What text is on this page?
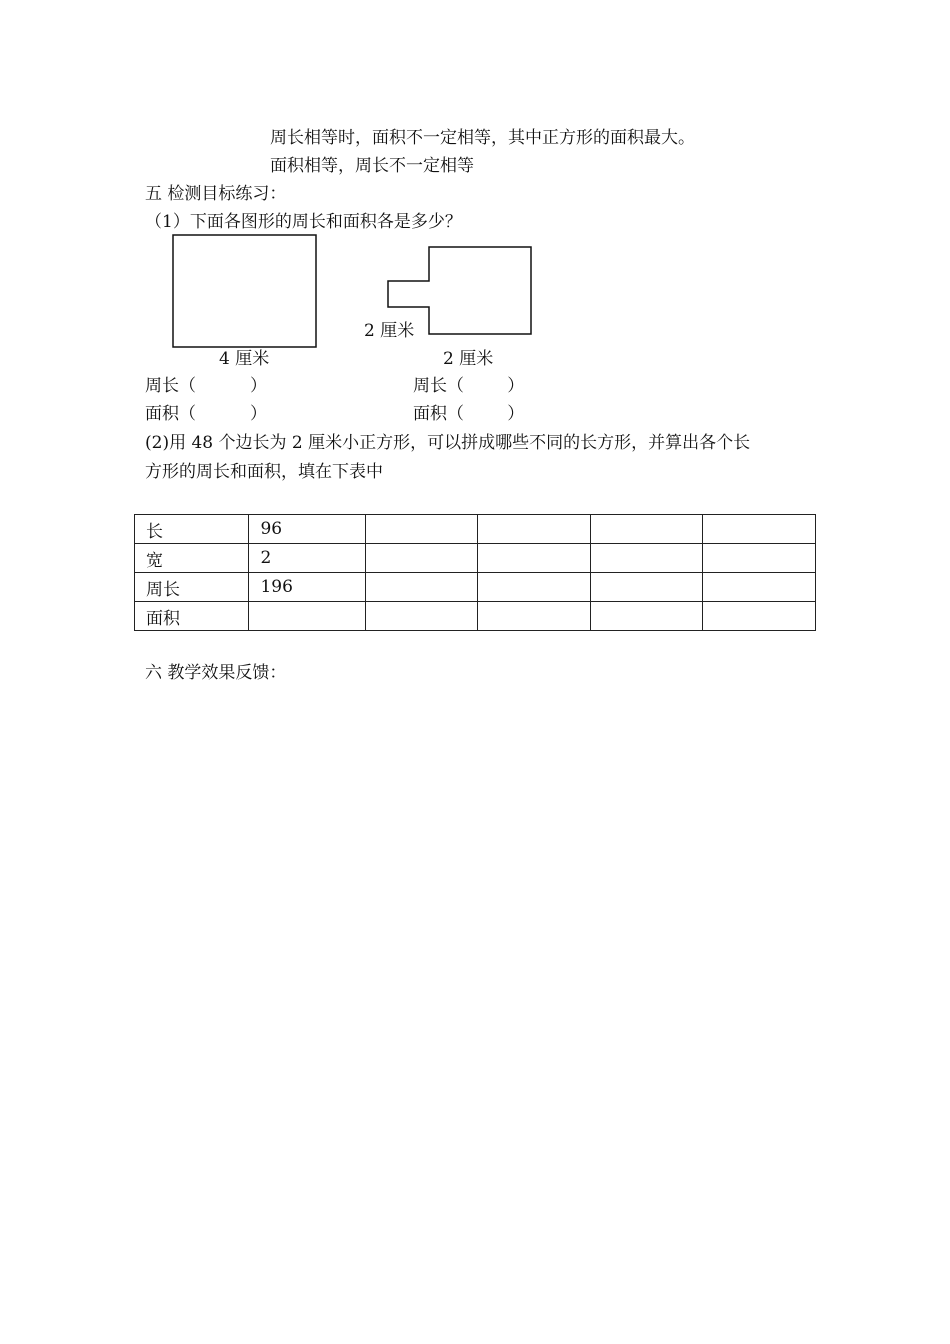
周长相等时，面积不一定相等，其中正方形的面积最大。
面积相等，周长不一定相等
五 检测目标练习：
（1）下面各图形的周长和面积各是多少？
4 厘米
2 厘米
2 厘米
周长（          ）	周长（        ）
面积（          ）	面积（        ）
(2)用 48 个边长为 2 厘米小正方形，可以拼成哪些不同的长方形，并算出各个长
方形的周长和面积，填在下表中
长	96				
宽	2				
周长	196				
面积					
六 教学效果反馈：
